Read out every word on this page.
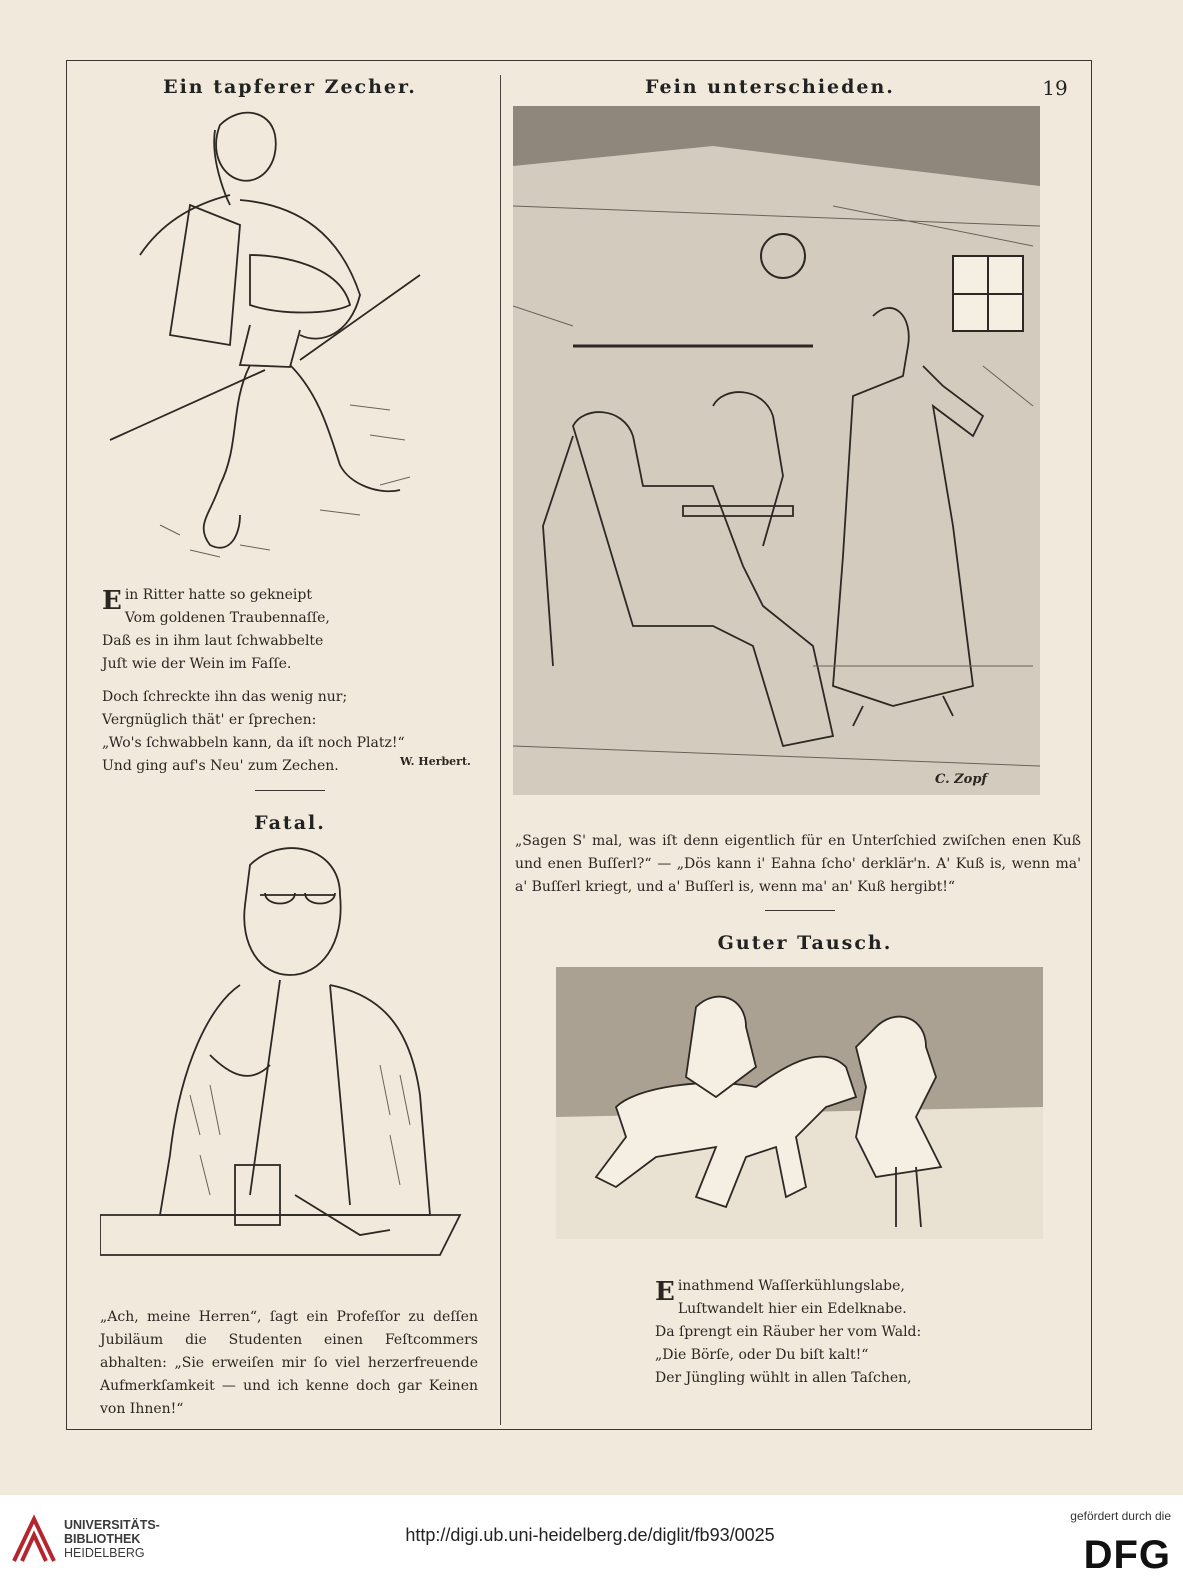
Ein tapferer Zecher.	Fein unterschieden.	19
E in Ritter hatte so gekneipt

Vom goldenen Traubennaſſe,

Daß es in ihm laut ſchwabbelte

Juſt wie der Wein im Faſſe.

Doch ſchreckte ihn das wenig nur;

Vergnüglich thät' er ſprechen:

„Wo's ſchwabbeln kann, da iſt noch Platz!“

Und ging auf's Neu' zum Zechen.	W. Herbert.
Fatal.
„Ach, meine Herren“, ſagt ein Profeſſor zu deſſen Jubiläum die Studenten einen Feſtcommers abhalten: „Sie erweiſen mir ſo viel herzerfreuende Aufmerkſamkeit — und ich kenne doch gar Keinen von Ihnen!“
C. Zopf
„Sagen S' mal, was iſt denn eigentlich für en Unterſchied zwiſchen enen Kuß und enen Buſſerl?“ — „Dös kann i' Eahna ſcho' derklär'n. A' Kuß is, wenn ma' a' Buſſerl kriegt, und a' Buſſerl is, wenn ma' an' Kuß hergibt!“
Guter Tausch.
E inathmend Waſſerkühlungslabe,

Luſtwandelt hier ein Edelknabe.

Da ſprengt ein Räuber her vom Wald:

„Die Börſe, oder Du biſt kalt!“

Der Jüngling wühlt in allen Taſchen,

UNIVERSITÄTS-
BIBLIOTHEK
HEIDELBERG
http://digi.ub.uni-heidelberg.de/diglit/fb93/0025
gefördert durch die
DFG
